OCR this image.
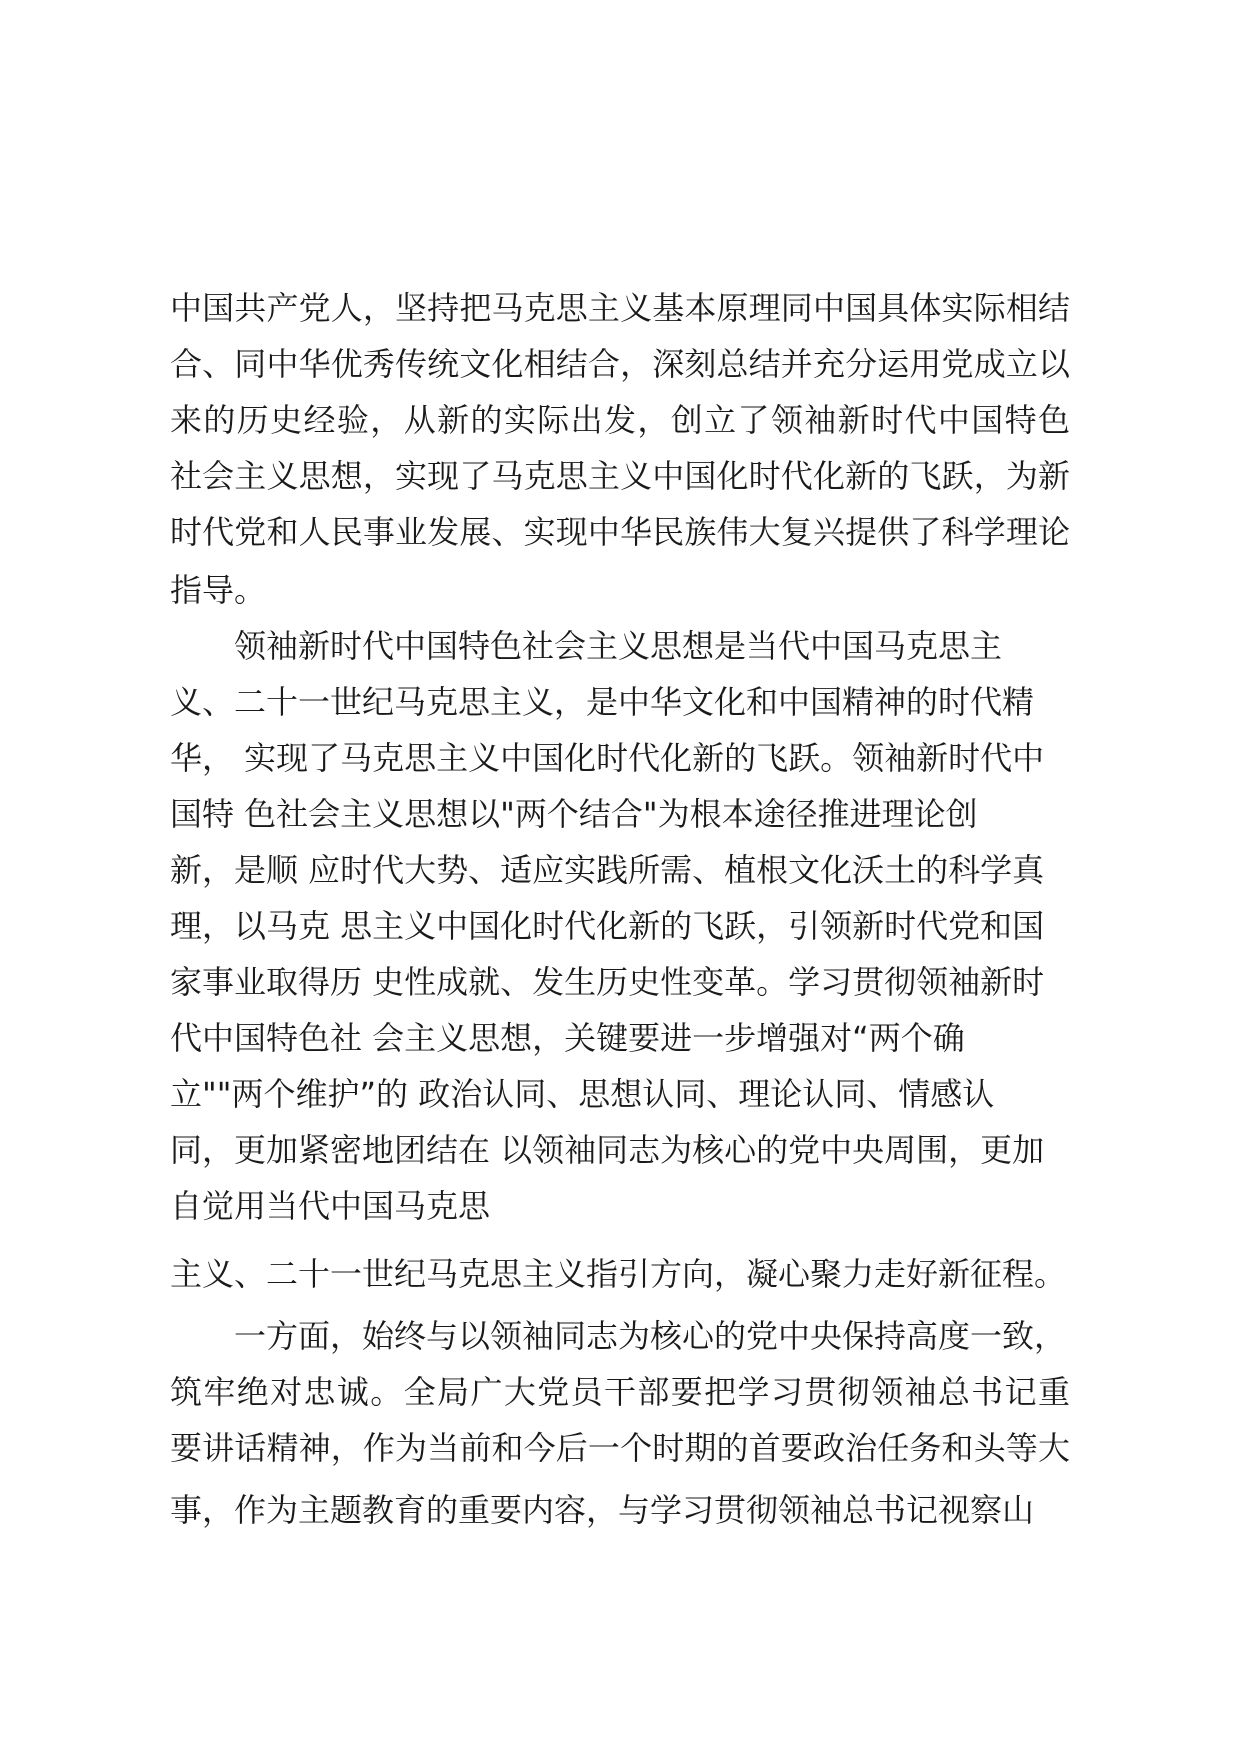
中国共产党人，坚持把马克思主义基本原理同中国具体实际相结
合、同中华优秀传统文化相结合，深刻总结并充分运用党成立以
来的历史经验，从新的实际出发，创立了领袖新时代中国特色
社会主义思想，实现了马克思主义中国化时代化新的飞跃，为新
时代党和人民事业发展、实现中华民族伟大复兴提供了科学理论
指导。
领袖新时代中国特色社会主义思想是当代中国马克思主
义、二十一世纪马克思主义，是中华文化和中国精神的时代精
华， 实现了马克思主义中国化时代化新的飞跃。领袖新时代中
国特 色社会主义思想以"两个结合"为根本途径推进理论创
新，是顺 应时代大势、适应实践所需、植根文化沃土的科学真
理，以马克 思主义中国化时代化新的飞跃，引领新时代党和国
家事业取得历 史性成就、发生历史性变革。学习贯彻领袖新时
代中国特色社 会主义思想，关键要进一步增强对“两个确
立""两个维护”的 政治认同、思想认同、理论认同、情感认
同，更加紧密地团结在 以领袖同志为核心的党中央周围，更加
自觉用当代中国马克思
主义、二十一世纪马克思主义指引方向，凝心聚力走好新征程。
一方面，始终与以领袖同志为核心的党中央保持高度一致，
筑牢绝对忠诚。全局广大党员干部要把学习贯彻领袖总书记重
要讲话精神，作为当前和今后一个时期的首要政治任务和头等大
事，作为主题教育的重要内容，与学习贯彻领袖总书记视察山
